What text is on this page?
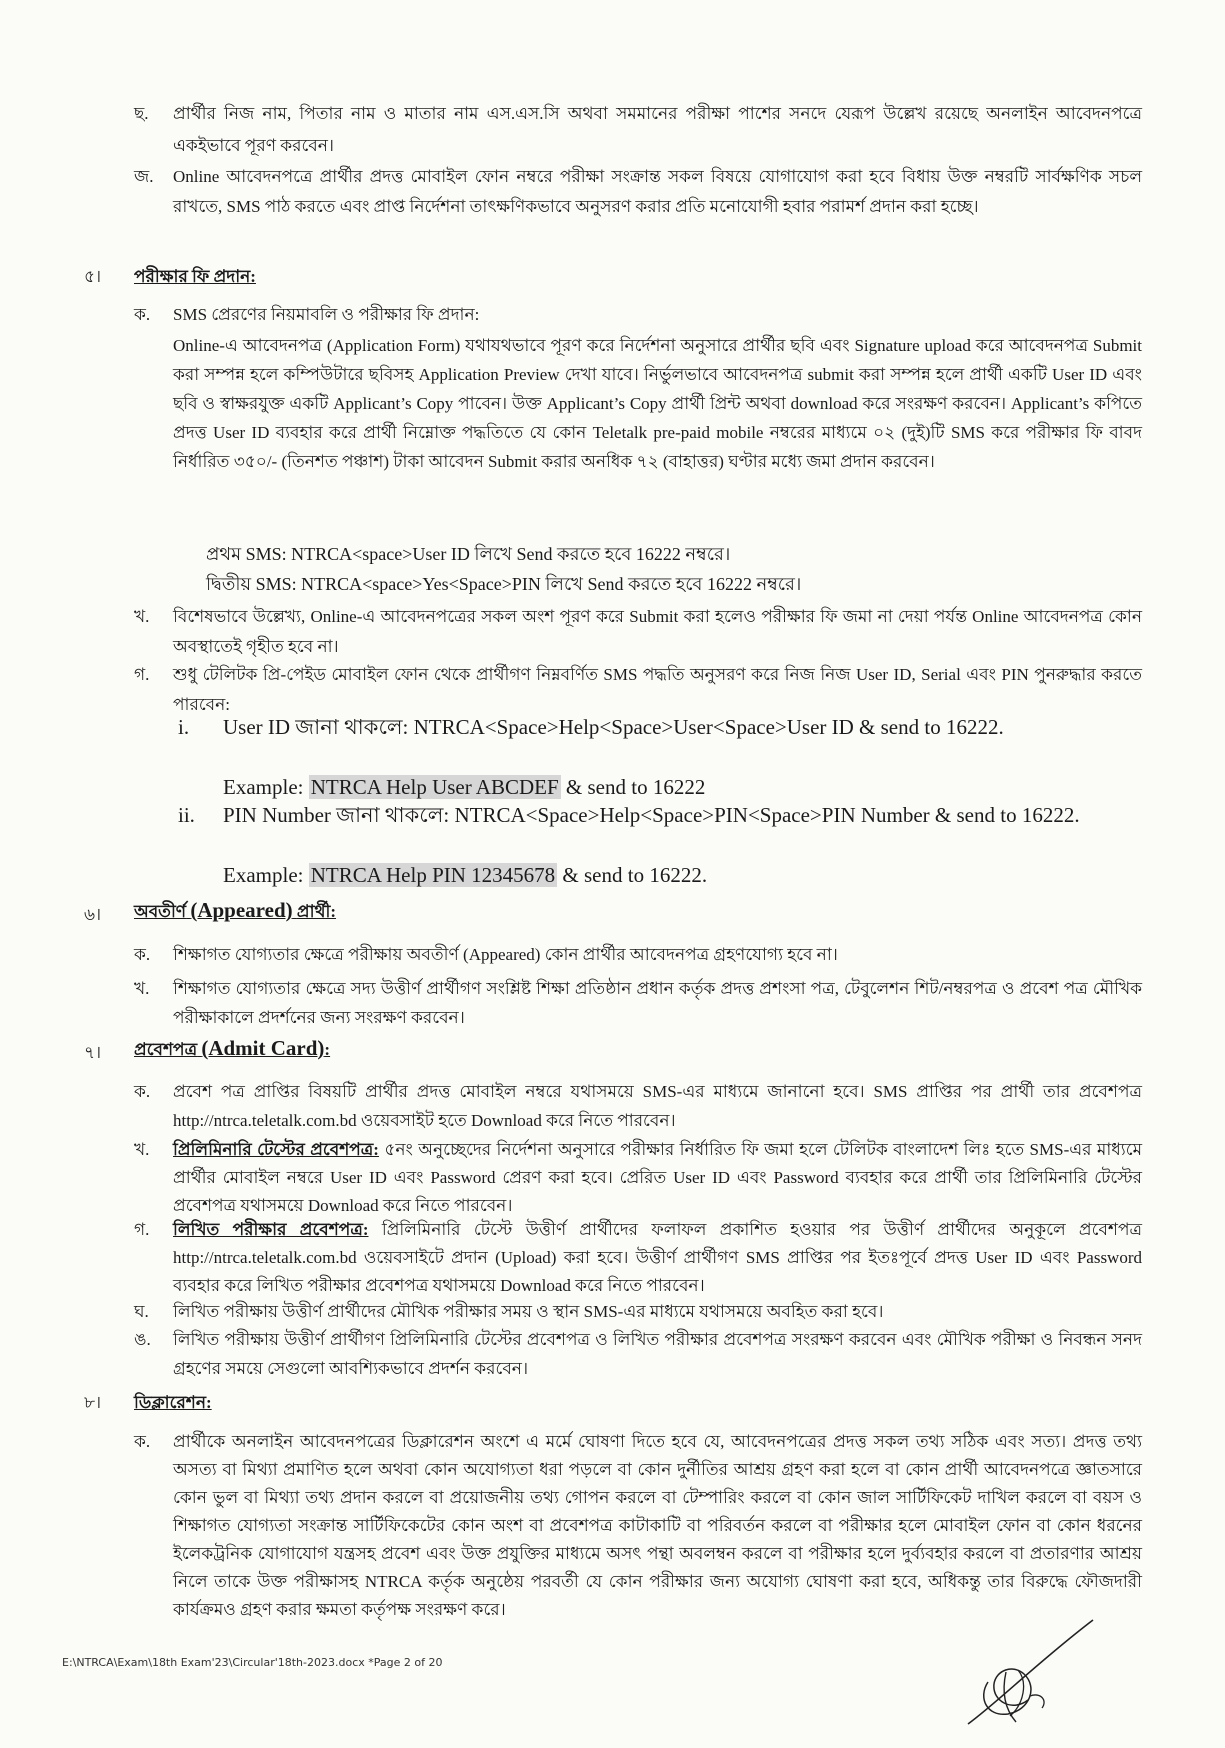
ছ. প্রার্থীর নিজ নাম, পিতার নাম ও মাতার নাম এস.এস.সি অথবা সমমানের পরীক্ষা পাশের সনদে যেরূপ উল্লেখ রয়েছে অনলাইন আবেদনপত্রে একইভাবে পূরণ করবেন।

জ. Online আবেদনপত্রে প্রার্থীর প্রদত্ত মোবাইল ফোন নম্বরে পরীক্ষা সংক্রান্ত সকল বিষয়ে যোগাযোগ করা হবে বিধায় উক্ত নম্বরটি সার্বক্ষণিক সচল রাখতে, SMS পাঠ করতে এবং প্রাপ্ত নির্দেশনা তাৎক্ষণিকভাবে অনুসরণ করার প্রতি মনোযোগী হবার পরামর্শ প্রদান করা হচ্ছে।

৫। পরীক্ষার ফি প্রদান:
ক. SMS প্রেরণের নিয়মাবলি ও পরীক্ষার ফি প্রদান:

Online-এ আবেদনপত্র (Application Form) যথাযথভাবে পূরণ করে নির্দেশনা অনুসারে প্রার্থীর ছবি এবং Signature upload করে আবেদনপত্র Submit করা সম্পন্ন হলে কম্পিউটারে ছবিসহ Application Preview দেখা যাবে। নির্ভুলভাবে আবেদনপত্র submit করা সম্পন্ন হলে প্রার্থী একটি User ID এবং ছবি ও স্বাক্ষরযুক্ত একটি Applicant’s Copy পাবেন। উক্ত Applicant’s Copy প্রার্থী প্রিন্ট অথবা download করে সংরক্ষণ করবেন। Applicant’s কপিতে প্রদত্ত User ID ব্যবহার করে প্রার্থী নিম্নোক্ত পদ্ধতিতে যে কোন Teletalk pre-paid mobile নম্বরের মাধ্যমে ০২ (দুই)টি SMS করে পরীক্ষার ফি বাবদ নির্ধারিত ৩৫০/- (তিনশত পঞ্চাশ) টাকা আবেদন Submit করার অনধিক ৭২ (বাহাত্তর) ঘণ্টার মধ্যে জমা প্রদান করবেন।

প্রথম SMS: NTRCA<space>User ID লিখে Send করতে হবে 16222 নম্বরে।
দ্বিতীয় SMS: NTRCA<space>Yes<Space>PIN লিখে Send করতে হবে 16222 নম্বরে।
খ. বিশেষভাবে উল্লেখ্য, Online-এ আবেদনপত্রের সকল অংশ পূরণ করে Submit করা হলেও পরীক্ষার ফি জমা না দেয়া পর্যন্ত Online আবেদনপত্র কোন অবস্থাতেই গৃহীত হবে না।

গ. শুধু টেলিটক প্রি-পেইড মোবাইল ফোন থেকে প্রার্থীগণ নিম্নবর্ণিত SMS পদ্ধতি অনুসরণ করে নিজ নিজ User ID, Serial এবং PIN পুনরুদ্ধার করতে পারবেন:

i. User ID জানা থাকলে: NTRCA<Space>Help<Space>User<Space>User ID & send to 16222.

Example: NTRCA Help User ABCDEF & send to 16222
ii. PIN Number জানা থাকলে: NTRCA<Space>Help<Space>PIN<Space>PIN Number & send to 16222.

Example: NTRCA Help PIN 12345678 & send to 16222.
৬। অবতীর্ণ (Appeared) প্রার্থী:
ক. শিক্ষাগত যোগ্যতার ক্ষেত্রে পরীক্ষায় অবতীর্ণ (Appeared) কোন প্রার্থীর আবেদনপত্র গ্রহণযোগ্য হবে না।

খ. শিক্ষাগত যোগ্যতার ক্ষেত্রে সদ্য উত্তীর্ণ প্রার্থীগণ সংশ্লিষ্ট শিক্ষা প্রতিষ্ঠান প্রধান কর্তৃক প্রদত্ত প্রশংসা পত্র, টেবুলেশন শিট/নম্বরপত্র ও প্রবেশ পত্র মৌখিক পরীক্ষাকালে প্রদর্শনের জন্য সংরক্ষণ করবেন।

৭। প্রবেশপত্র (Admit Card):
ক. প্রবেশ পত্র প্রাপ্তির বিষয়টি প্রার্থীর প্রদত্ত মোবাইল নম্বরে যথাসময়ে SMS-এর মাধ্যমে জানানো হবে। SMS প্রাপ্তির পর প্রার্থী তার প্রবেশপত্র http://ntrca.teletalk.com.bd ওয়েবসাইট হতে Download করে নিতে পারবেন।

খ. প্রিলিমিনারি টেস্টের প্রবেশপত্র: ৫নং অনুচ্ছেদের নির্দেশনা অনুসারে পরীক্ষার নির্ধারিত ফি জমা হলে টেলিটক বাংলাদেশ লিঃ হতে SMS-এর মাধ্যমে প্রার্থীর মোবাইল নম্বরে User ID এবং Password প্রেরণ করা হবে। প্রেরিত User ID এবং Password ব্যবহার করে প্রার্থী তার প্রিলিমিনারি টেস্টের প্রবেশপত্র যথাসময়ে Download করে নিতে পারবেন।

গ. লিখিত পরীক্ষার প্রবেশপত্র: প্রিলিমিনারি টেস্টে উত্তীর্ণ প্রার্থীদের ফলাফল প্রকাশিত হওয়ার পর উত্তীর্ণ প্রার্থীদের অনুকূলে প্রবেশপত্র http://ntrca.teletalk.com.bd ওয়েবসাইটে প্রদান (Upload) করা হবে। উত্তীর্ণ প্রার্থীগণ SMS প্রাপ্তির পর ইতঃপূর্বে প্রদত্ত User ID এবং Password ব্যবহার করে লিখিত পরীক্ষার প্রবেশপত্র যথাসময়ে Download করে নিতে পারবেন।

ঘ. লিখিত পরীক্ষায় উত্তীর্ণ প্রার্থীদের মৌখিক পরীক্ষার সময় ও স্থান SMS-এর মাধ্যমে যথাসময়ে অবহিত করা হবে।

ঙ. লিখিত পরীক্ষায় উত্তীর্ণ প্রার্থীগণ প্রিলিমিনারি টেস্টের প্রবেশপত্র ও লিখিত পরীক্ষার প্রবেশপত্র সংরক্ষণ করবেন এবং মৌখিক পরীক্ষা ও নিবন্ধন সনদ গ্রহণের সময়ে সেগুলো আবশ্যিকভাবে প্রদর্শন করবেন।

৮। ডিক্লারেশন:
ক. প্রার্থীকে অনলাইন আবেদনপত্রের ডিক্লারেশন অংশে এ মর্মে ঘোষণা দিতে হবে যে, আবেদনপত্রের প্রদত্ত সকল তথ্য সঠিক এবং সত্য। প্রদত্ত তথ্য অসত্য বা মিথ্যা প্রমাণিত হলে অথবা কোন অযোগ্যতা ধরা পড়লে বা কোন দুর্নীতির আশ্রয় গ্রহণ করা হলে বা কোন প্রার্থী আবেদনপত্রে জ্ঞাতসারে কোন ভুল বা মিথ্যা তথ্য প্রদান করলে বা প্রয়োজনীয় তথ্য গোপন করলে বা টেম্পারিং করলে বা কোন জাল সার্টিফিকেট দাখিল করলে বা বয়স ও শিক্ষাগত যোগ্যতা সংক্রান্ত সার্টিফিকেটের কোন অংশ বা প্রবেশপত্র কাটাকাটি বা পরিবর্তন করলে বা পরীক্ষার হলে মোবাইল ফোন বা কোন ধরনের ইলেকট্রনিক যোগাযোগ যন্ত্রসহ প্রবেশ এবং উক্ত প্রযুক্তির মাধ্যমে অসৎ পন্থা অবলম্বন করলে বা পরীক্ষার হলে দুর্ব্যবহার করলে বা প্রতারণার আশ্রয় নিলে তাকে উক্ত পরীক্ষাসহ NTRCA কর্তৃক অনুষ্ঠেয় পরবর্তী যে কোন পরীক্ষার জন্য অযোগ্য ঘোষণা করা হবে, অধিকন্তু তার বিরুদ্ধে ফৌজদারী কার্যক্রমও গ্রহণ করার ক্ষমতা কর্তৃপক্ষ সংরক্ষণ করে।

E:\NTRCA\Exam\18th Exam'23\Circular'18th-2023.docx *Page 2 of 20
